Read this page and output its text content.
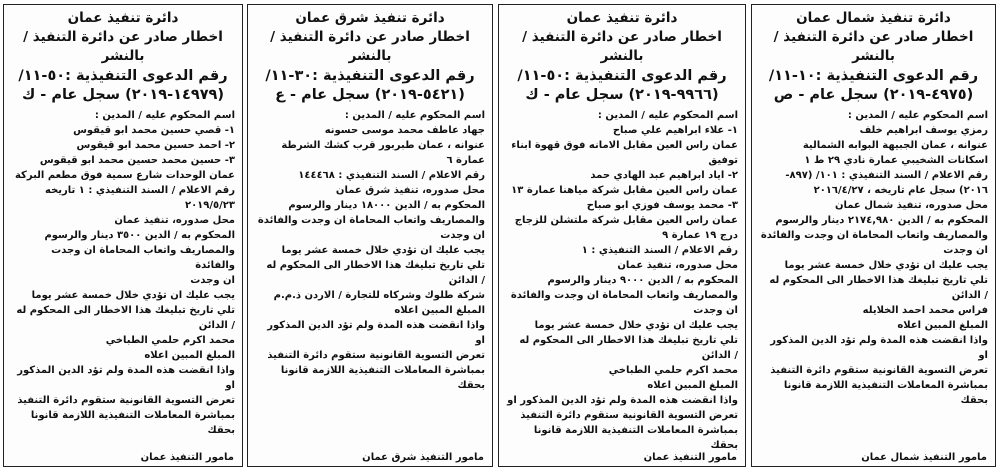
دائرة تنفيذ عمان
اخطار صادر عن دائرة التنفيذ / بالنشر
رقم الدعوى التنفيذية :٥٠-١١/
(١٤٩٧٩-٢٠١٩) سجل عام - ك

اسم المحكوم عليه / المدين :

١- قصي حسين محمد ابو قيقوس

٢- احمد حسين محمد ابو قيقوس

٣- حسين محمد حسين محمد ابو قيقوس

عمان الوحدات شارع سمية فوق مطعم البركة

رقم الاعلام / السند التنفيذي : ١ تاريخه

٢٠١٩/٥/٢٣

محل صدوره، تنفيذ عمان

المحكوم به / الدين ٣٥٠٠ دينار والرسوم

والمصاريف واتعاب المحاماة ان وجدت والفائدة

ان وجدت

يجب عليك ان تؤدي خلال خمسة عشر يوما

تلي تاريخ تبليغك هذا الاخطار الى المحكوم له

/ الدائن

محمد اكرم حلمي الطباخي

المبلغ المبين اعلاه

واذا انقضت هذه المدة ولم تؤد الدين المذكور او

تعرض التسوية القانونية ستقوم دائرة التنفيذ

بمباشرة المعاملات التنفيذية اللازمة قانونا

بحقك

مامور التنفيذ عمان
دائرة تنفيذ شرق عمان
اخطار صادر عن دائرة التنفيذ / بالنشر
رقم الدعوى التنفيذية :٣٠-١١/
(٥٤٢١-٢٠١٩) سجل عام - ع

اسم المحكوم عليه / المدين :

جهاد عاطف محمد موسى حسونه

عنوانه ، عمان طبربور قرب كشك الشرطة

عمارة ٦

رقم الاعلام / السند التنفيذي : ١٤٤٤٦٨

محل صدوره، تنفيذ شرق عمان

المحكوم به / الدين ١٨٠٠٠ دينار والرسوم

والمصاريف واتعاب المحاماة ان وجدت والفائدة

ان وجدت

يجب عليك ان تؤدي خلال خمسة عشر يوما

تلي تاريخ تبليغك هذا الاخطار الى المحكوم له

/ الدائن

شركة طلوك وشركاه للتجارة / الاردن ذ.م.م

المبلغ المبين اعلاه

واذا انقضت هذه المدة ولم تؤد الدين المذكور او

تعرض التسوية القانونية ستقوم دائرة التنفيذ

بمباشرة المعاملات التنفيذية اللازمة قانونا

بحقك

مامور التنفيذ شرق عمان
دائرة تنفيذ عمان
اخطار صادر عن دائرة التنفيذ / بالنشر
رقم الدعوى التنفيذية :٥٠-١١/
(٩٩٦٦-٢٠١٩) سجل عام - ك

اسم المحكوم عليه / المدين :

١- علاء ابراهيم علي صباح

عمان راس العين مقابل الامانه فوق قهوة ابناء

توفيق

٢- اياد ابراهيم عبد الهادي حمد

عمان راس العين مقابل شركة مياهنا عمارة ١٣

٣- محمد يوسف فوزي ابو صباح

عمان راس العين مقابل شركة ملتشلن للزجاج

درج ١٩ عمارة ٩

رقم الاعلام / السند التنفيذي : ١

محل صدوره، تنفيذ عمان

المحكوم به / الدين ٩٠٠٠ دينار والرسوم

والمصاريف واتعاب المحاماة ان وجدت والفائدة

ان وجدت

يجب عليك ان تؤدي خلال خمسة عشر يوما

تلي تاريخ تبليغك هذا الاخطار الى المحكوم له

/ الدائن

محمد اكرم حلمي الطباخي

المبلغ المبين اعلاه

واذا انقضت هذه المدة ولم تؤد الدين المذكور او

تعرض التسوية القانونية ستقوم دائرة التنفيذ

بمباشرة المعاملات التنفيذية اللازمة قانونا

بحقك

مامور التنفيذ عمان
دائرة تنفيذ شمال عمان
اخطار صادر عن دائرة التنفيذ / بالنشر
رقم الدعوى التنفيذية :١٠-١١/
(٤٩٧٥-٢٠١٩) سجل عام - ص

اسم المحكوم عليه / المدين :

رمزي يوسف ابراهيم خلف

عنوانه ، عمان الجبيهة البوابه الشمالية

اسكانات الشخيبي عمارة نادي ٢٩ ط ١

رقم الاعلام / السند التنفيذي : ١٠١/ (٨٩٧-

٢٠١٦) سجل عام تاريخه ، ٢٠١٦/٤/٢٧

محل صدوره، تنفيذ شمال عمان

المحكوم به / الدين ٢١٧٤,٩٨٠ دينار والرسوم

والمصاريف واتعاب المحاماة ان وجدت والفائدة

ان وجدت

يجب عليك ان تؤدي خلال خمسة عشر يوما

تلي تاريخ تبليغك هذا الاخطار الى المحكوم له

/ الدائن

فراس محمد احمد الخلايله

المبلغ المبين اعلاه

واذا انقضت هذه المدة ولم تؤد الدين المذكور او

تعرض التسوية القانونية ستقوم دائرة التنفيذ

بمباشرة المعاملات التنفيذية اللازمة قانونا

بحقك

مامور التنفيذ شمال عمان
